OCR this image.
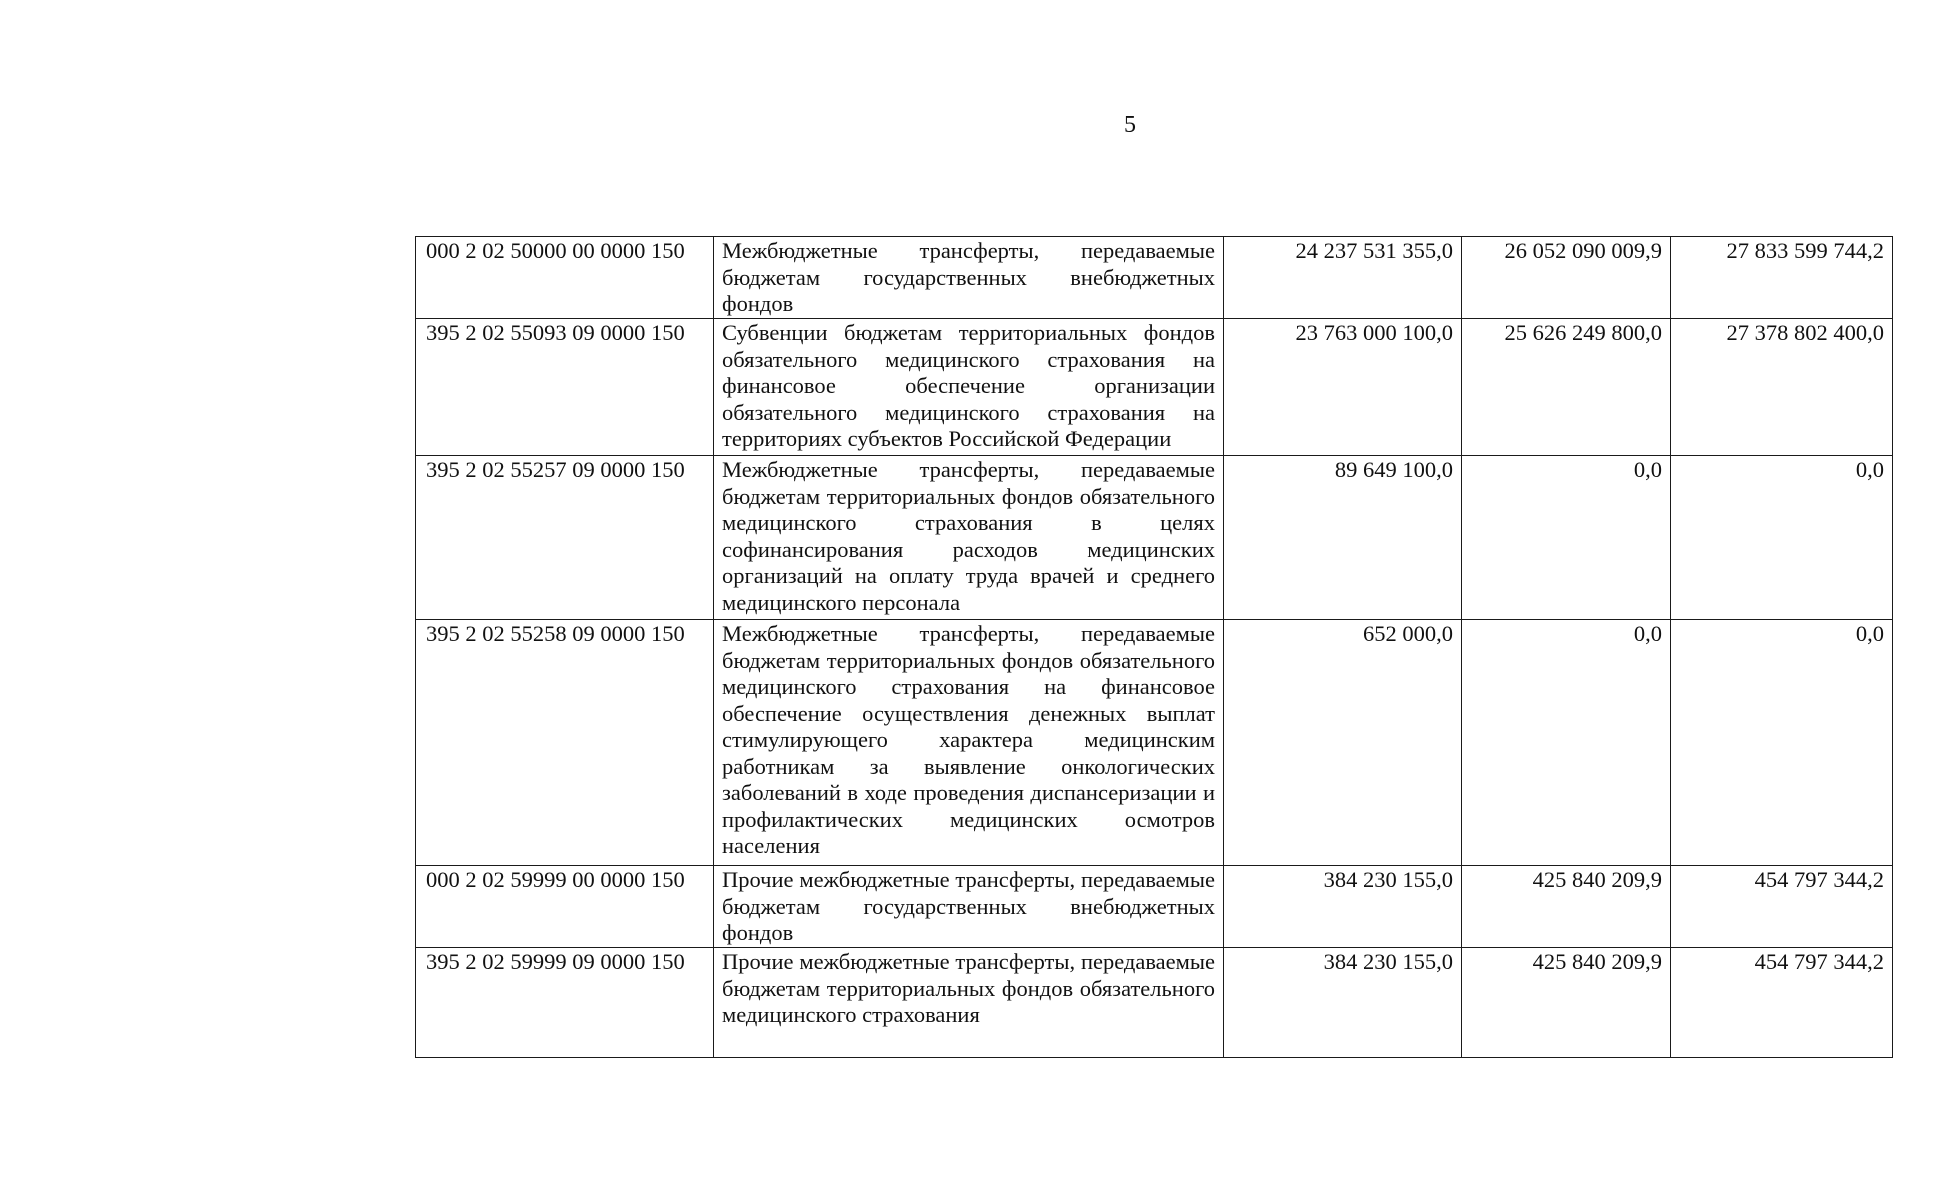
5
000 2 02 50000 00 0000 150	Межбюджетные трансферты, передаваемые бюджетам государственных внебюджетных фондов	24 237 531 355,0	26 052 090 009,9	27 833 599 744,2
395 2 02 55093 09 0000 150	Субвенции бюджетам территориальных фондов обязательного медицинского страхования на финансовое обеспечение организации обязательного медицинского страхования на территориях субъектов Российской Федерации	23 763 000 100,0	25 626 249 800,0	27 378 802 400,0
395 2 02 55257 09 0000 150	Межбюджетные трансферты, передаваемые бюджетам территориальных фондов обязательного медицинского страхования в целях софинансирования расходов медицинских организаций на оплату труда врачей и среднего медицинского персонала	89 649 100,0	0,0	0,0
395 2 02 55258 09 0000 150	Межбюджетные трансферты, передаваемые бюджетам территориальных фондов обязательного медицинского страхования на финансовое обеспечение осуществления денежных выплат стимулирующего характера медицинским работникам за выявление онкологических заболеваний в ходе проведения диспансеризации и профилактических медицинских осмотров населения	652 000,0	0,0	0,0
000 2 02 59999 00 0000 150	Прочие межбюджетные трансферты, передаваемые бюджетам государственных внебюджетных фондов	384 230 155,0	425 840 209,9	454 797 344,2
395 2 02 59999 09 0000 150	Прочие межбюджетные трансферты, передаваемые бюджетам территориальных фондов обязательного медицинского страхования	384 230 155,0	425 840 209,9	454 797 344,2
